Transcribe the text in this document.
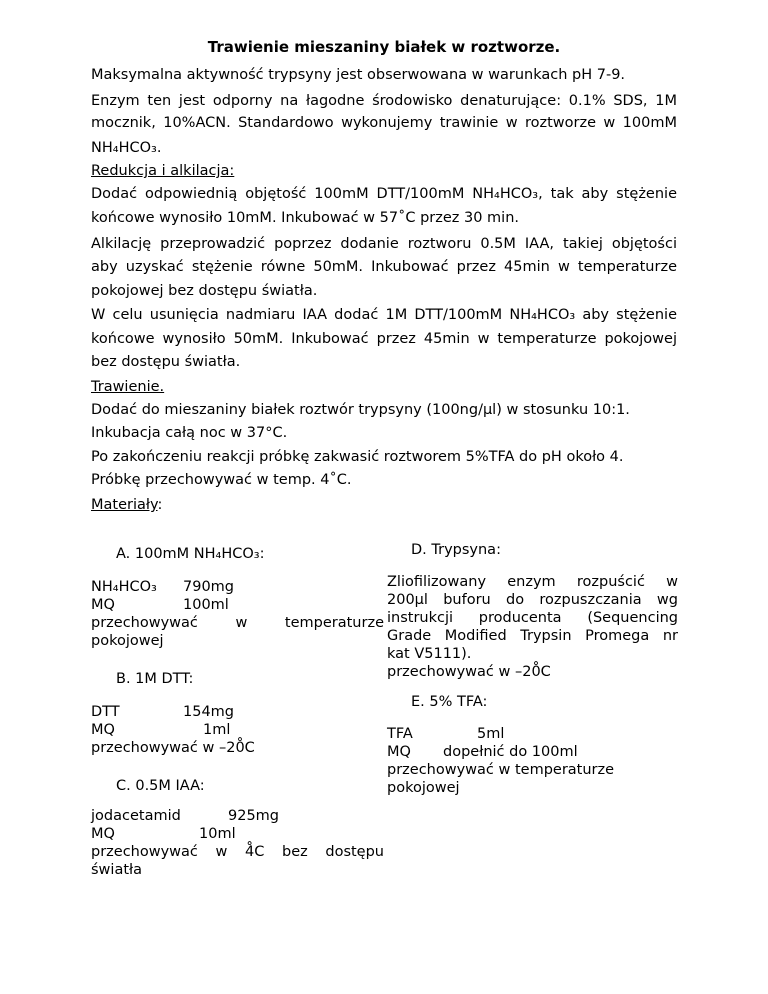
Trawienie mieszaniny białek w roztworze.
Maksymalna aktywność trypsyny jest obserwowana w warunkach pH 7-9.
Enzym ten jest odporny na łagodne środowisko denaturujące: 0.1% SDS, 1M
mocznik, 10%ACN. Standardowo wykonujemy trawinie w roztworze w 100mM
NH₄HCO₃.
Redukcja i alkilacja:
Dodać odpowiednią objętość 100mM DTT/100mM NH₄HCO₃, tak aby stężenie
końcowe wynosiło 10mM. Inkubować w 57˚C przez 30 min.
Alkilację przeprowadzić poprzez dodanie roztworu 0.5M IAA, takiej objętości
aby uzyskać stężenie równe 50mM. Inkubować przez 45min w temperaturze
pokojowej bez dostępu światła.
W celu usunięcia nadmiaru IAA dodać 1M DTT/100mM NH₄HCO₃ aby stężenie
końcowe wynosiło 50mM. Inkubować przez 45min w temperaturze pokojowej
bez dostępu światła.
Trawienie.
Dodać do mieszaniny białek roztwór trypsyny (100ng/µl) w stosunku 10:1.
Inkubacja całą noc w 37°C.
Po zakończeniu reakcji próbkę zakwasić roztworem 5%TFA do pH około 4.
Próbkę przechowywać w temp. 4˚C.
Materiały:
A. 100mM NH₄HCO₃:
NH₄HCO₃	790mg
MQ	100ml
przechowywać w temperaturze
pokojowej
B. 1M DTT:
DTT	154mg
MQ	1ml
przechowywać w –20̊C
C. 0.5M IAA:
jodacetamid	925mg
MQ	10ml
przechowywać w 4̊C bez dostępu
światła
D. Trypsyna:
Zliofilizowany enzym rozpuścić w
200µl buforu do rozpuszczania wg
instrukcji producenta (Sequencing
Grade Modified Trypsin Promega nr
kat V5111).
przechowywać w –20̊C
E. 5% TFA:
TFA	5ml
MQ	dopełnić do 100ml
przechowywać w temperaturze
pokojowej
